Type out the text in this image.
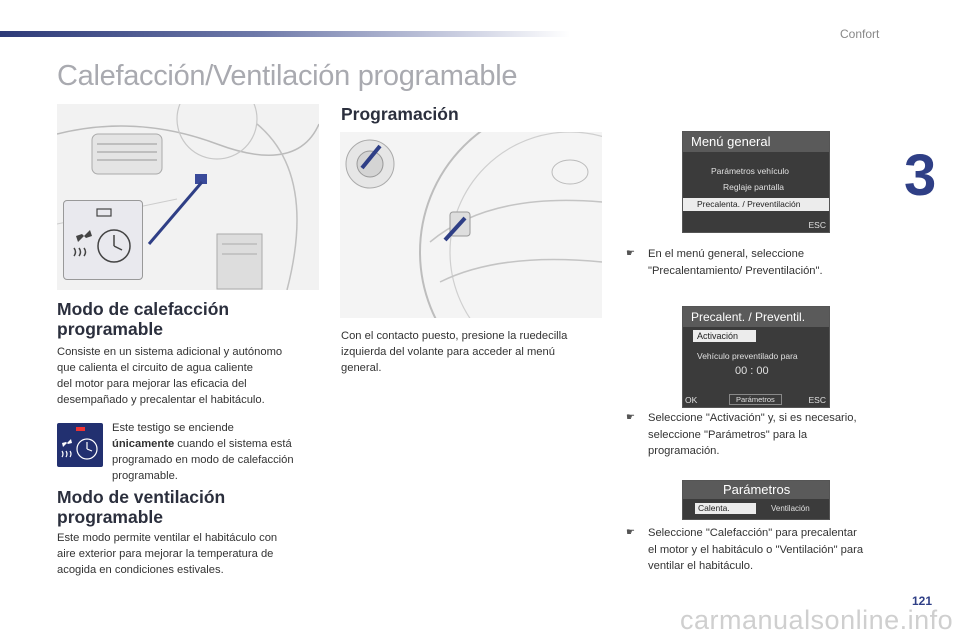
Confort
3
Calefacción/Ventilación programable
Modo de calefacción
programable
Consiste en un sistema adicional y autónomo
que calienta el circuito de agua caliente
del motor para mejorar las eficacia del
desempañado y precalentar el habitáculo.
Este testigo se enciende
únicamente cuando el sistema está
programado en modo de calefacción
programable.
Modo de ventilación
programable
Este modo permite ventilar el habitáculo con
aire exterior para mejorar la temperatura de
acogida en condiciones estivales.
Programación
Con el contacto puesto, presione la ruedecilla
izquierda del volante para acceder al menú
general.
Menú general
Parámetros vehículo
Reglaje pantalla
Precalenta. / Preventilación
ESC
☛ En el menú general, seleccione
"Precalentamiento/ Preventilación".
Precalent. / Preventil.
Activación
Vehículo preventilado para
00 : 00
OK	Parámetros	ESC
☛ Seleccione "Activación" y, si es necesario,
seleccione "Parámetros" para la
programación.
Parámetros
Calenta.	Ventilación
☛ Seleccione "Calefacción" para precalentar
el motor y el habitáculo o "Ventilación" para
ventilar el habitáculo.
121
carmanualsonline.info
